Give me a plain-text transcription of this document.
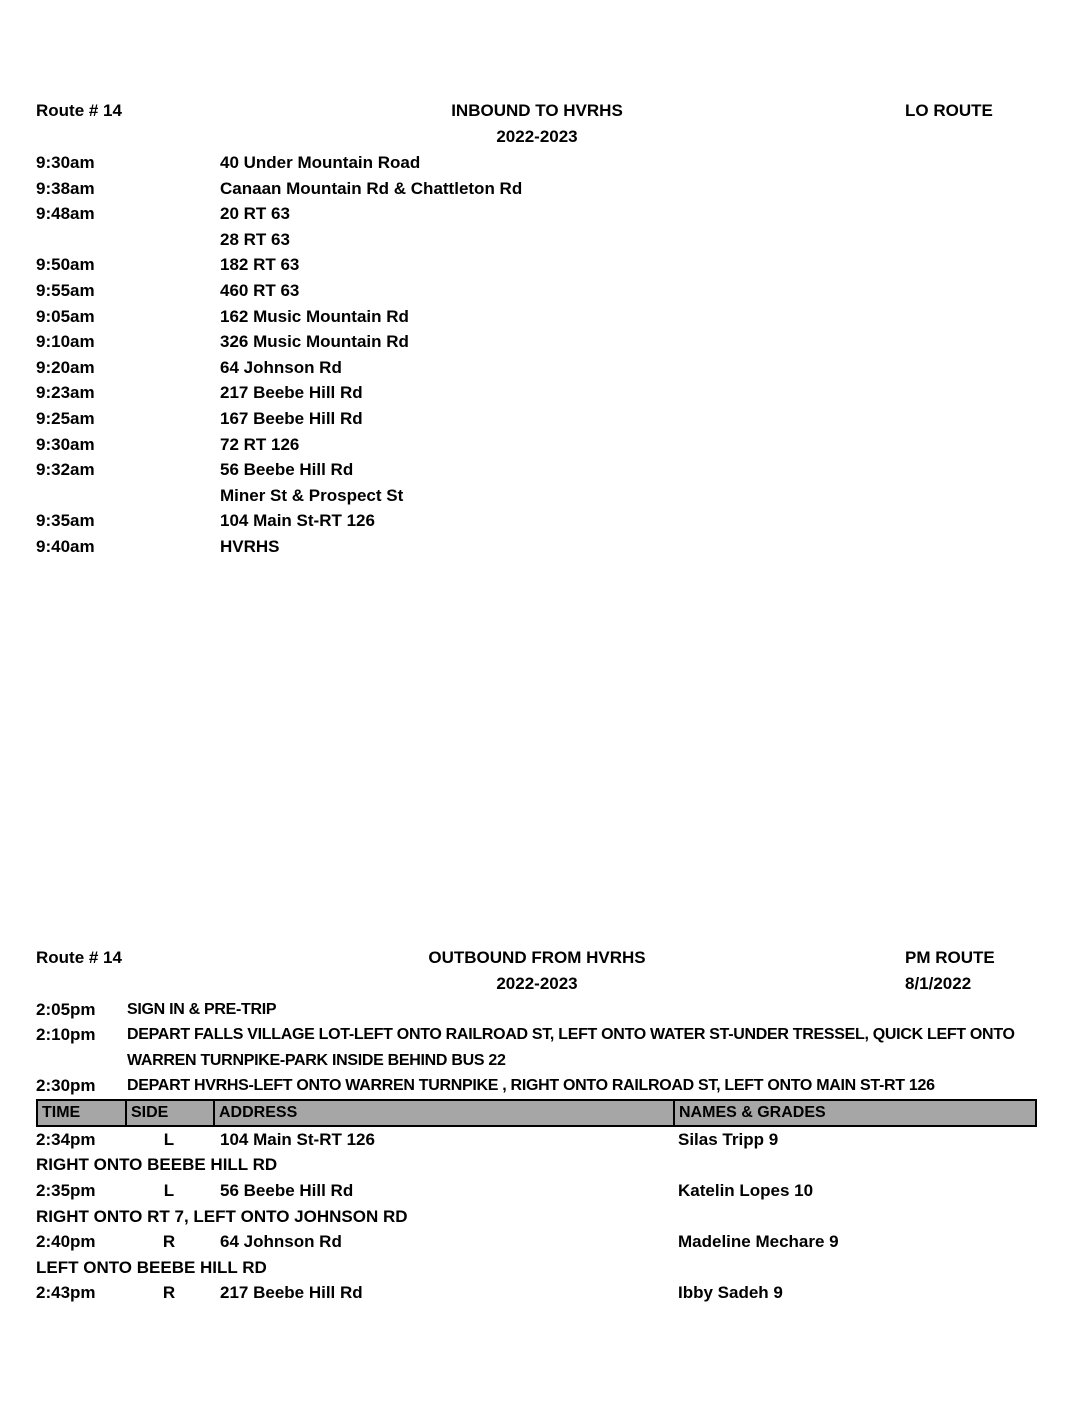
Route # 14	INBOUND TO HVRHS	LO ROUTE
2022-2023
9:30am	40 Under Mountain Road
9:38am	Canaan Mountain Rd & Chattleton Rd
9:48am	20 RT 63
28 RT 63
9:50am	182 RT 63
9:55am	460 RT 63
9:05am	162 Music Mountain Rd
9:10am	326 Music Mountain Rd
9:20am	64 Johnson Rd
9:23am	217 Beebe Hill Rd
9:25am	167 Beebe Hill Rd
9:30am	72 RT 126
9:32am	56 Beebe Hill Rd
Miner St & Prospect St
9:35am	104 Main St-RT 126
9:40am	HVRHS
Route # 14	OUTBOUND FROM HVRHS	PM ROUTE
2022-2023	8/1/2022
2:05pm	SIGN IN & PRE-TRIP
2:10pm	DEPART FALLS VILLAGE LOT-LEFT ONTO RAILROAD ST, LEFT ONTO WATER ST-UNDER TRESSEL, QUICK LEFT ONTO WARREN TURNPIKE-PARK INSIDE BEHIND BUS 22
2:30pm	DEPART HVRHS-LEFT ONTO WARREN TURNPIKE , RIGHT ONTO RAILROAD ST, LEFT ONTO MAIN ST-RT 126
TIME	SIDE	ADDRESS	NAMES & GRADES
2:34pm	L	104 Main St-RT 126	Silas Tripp 9
RIGHT ONTO BEEBE HILL RD
2:35pm	L	56 Beebe Hill Rd	Katelin Lopes 10
RIGHT ONTO RT 7, LEFT ONTO JOHNSON RD
2:40pm	R	64 Johnson Rd	Madeline Mechare 9
LEFT ONTO BEEBE HILL RD
2:43pm	R	217 Beebe Hill Rd	Ibby Sadeh 9
